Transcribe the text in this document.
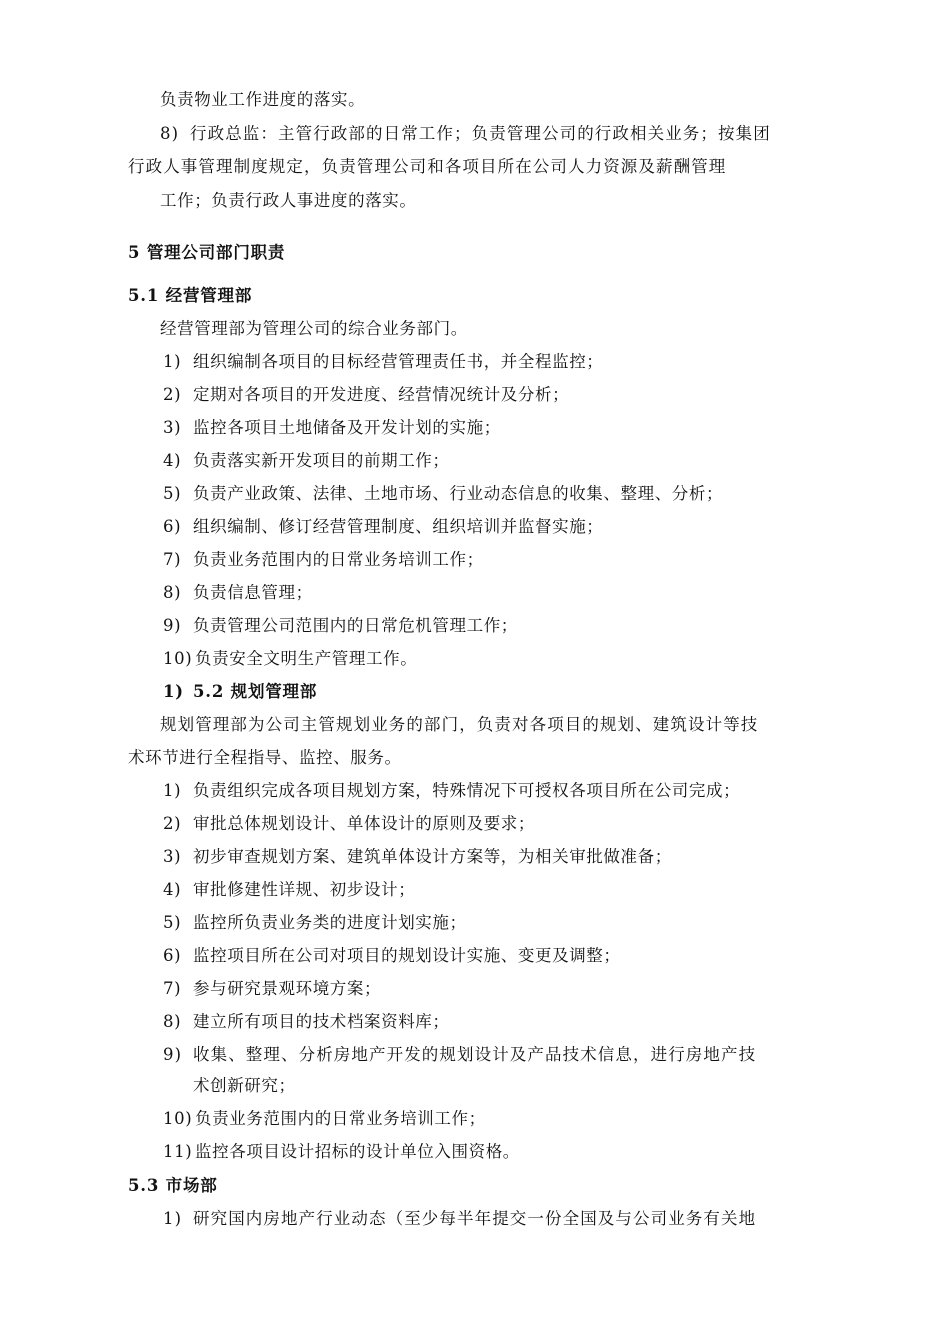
负责物业工作进度的落实。
8) 行政总监：主管行政部的日常工作；负责管理公司的行政相关业务；按集团
行政人事管理制度规定，负责管理公司和各项目所在公司人力资源及薪酬管理
工作；负责行政人事进度的落实。
5 管理公司部门职责
5.1 经营管理部
经营管理部为管理公司的综合业务部门。
1) 组织编制各项目的目标经营管理责任书，并全程监控；
2) 定期对各项目的开发进度、经营情况统计及分析；
3) 监控各项目土地储备及开发计划的实施；
4) 负责落实新开发项目的前期工作；
5) 负责产业政策、法律、土地市场、行业动态信息的收集、整理、分析；
6) 组织编制、修订经营管理制度、组织培训并监督实施；
7) 负责业务范围内的日常业务培训工作；
8) 负责信息管理；
9) 负责管理公司范围内的日常危机管理工作；
10) 负责安全文明生产管理工作。
1) 5.2 规划管理部
规划管理部为公司主管规划业务的部门，负责对各项目的规划、建筑设计等技
术环节进行全程指导、监控、服务。
1) 负责组织完成各项目规划方案，特殊情况下可授权各项目所在公司完成；
2) 审批总体规划设计、单体设计的原则及要求；
3) 初步审查规划方案、建筑单体设计方案等，为相关审批做准备；
4) 审批修建性详规、初步设计；
5) 监控所负责业务类的进度计划实施；
6) 监控项目所在公司对项目的规划设计实施、变更及调整；
7) 参与研究景观环境方案；
8) 建立所有项目的技术档案资料库；
9) 收集、整理、分析房地产开发的规划设计及产品技术信息，进行房地产技
术创新研究；
10) 负责业务范围内的日常业务培训工作；
11) 监控各项目设计招标的设计单位入围资格。
5.3 市场部
1) 研究国内房地产行业动态（至少每半年提交一份全国及与公司业务有关地
